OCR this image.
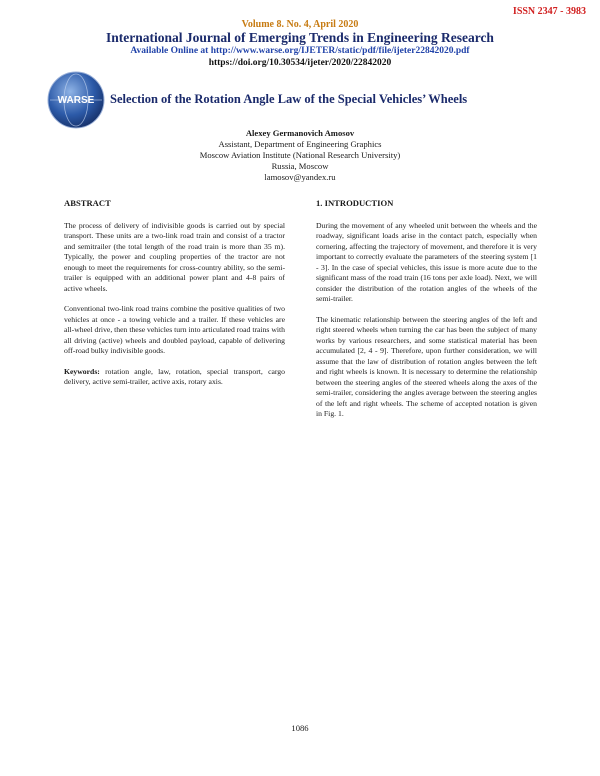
ISSN 2347 - 3983
Volume 8. No. 4, April 2020
International Journal of Emerging Trends in Engineering Research
Available Online at http://www.warse.org/IJETER/static/pdf/file/ijeter22842020.pdf
https://doi.org/10.30534/ijeter/2020/22842020
WARSE Selection of the Rotation Angle Law of the Special Vehicles’ Wheels
Alexey Germanovich Amosov
Assistant, Department of Engineering Graphics
Moscow Aviation Institute (National Research University)
Russia, Moscow
lamosov@yandex.ru
ABSTRACT

The process of delivery of indivisible goods is carried out by special transport. These units are a two-link road train and consist of a tractor and semitrailer (the total length of the road train is more than 35 m). Typically, the power and coupling properties of the tractor are not enough to meet the requirements for cross-country ability, so the semi-trailer is equipped with an additional power plant and 4-8 pairs of active wheels.

Conventional two-link road trains combine the positive qualities of two vehicles at once - a towing vehicle and a trailer. If these vehicles are all-wheel drive, then these vehicles turn into articulated road trains with all driving (active) wheels and doubled payload, capable of delivering off-road bulky indivisible goods.

Keywords: rotation angle, law, rotation, special transport, cargo delivery, active semi-trailer, active axis, rotary axis.

1. INTRODUCTION

During the movement of any wheeled unit between the wheels and the roadway, significant loads arise in the contact patch, especially when cornering, affecting the trajectory of movement, and therefore it is very important to correctly evaluate the parameters of the steering system [1 - 3]. In the case of special vehicles, this issue is more acute due to the significant mass of the road train (16 tons per axle load). Next, we will consider the distribution of the rotation angles of the wheels of the semi-trailer.

The kinematic relationship between the steering angles of the left and right steered wheels when turning the car has been the subject of many works by various researchers, and some statistical material has been accumulated [2, 4 - 9]. Therefore, upon further consideration, we will assume that the law of distribution of rotation angles between the left and right wheels is known. It is necessary to determine the relationship between the steering angles of the steered wheels along the axes of the semi-trailer, considering the angles average between the steering angles of the left and right wheels. The scheme of accepted notation is given in Fig. 1.

1086
